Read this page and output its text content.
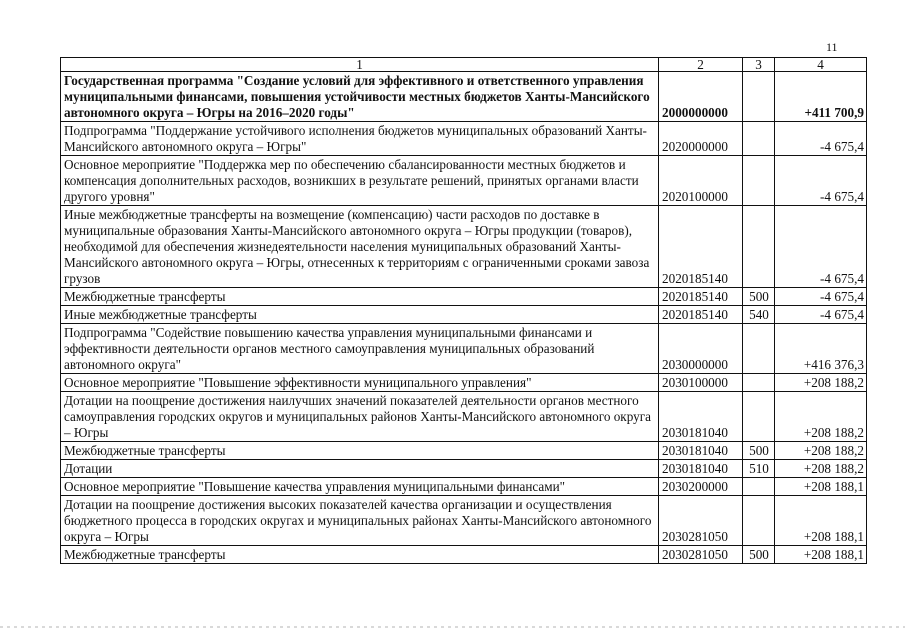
11
1	2	3	4
Государственная программа "Создание условий для эффективного и ответственного управления муниципальными финансами, повышения устойчивости местных бюджетов Ханты-Мансийского автономного округа – Югры на 2016–2020 годы"	2000000000		+411 700,9
Подпрограмма "Поддержание устойчивого исполнения бюджетов муниципальных образований Ханты-Мансийского автономного округа – Югры"	2020000000		-4 675,4
Основное мероприятие "Поддержка мер по обеспечению сбалансированности местных бюджетов и компенсация дополнительных расходов, возникших в результате решений, принятых органами власти другого уровня"	2020100000		-4 675,4
Иные межбюджетные трансферты на возмещение (компенсацию) части расходов по доставке в муниципальные образования Ханты-Мансийского автономного округа – Югры продукции (товаров), необходимой для обеспечения жизнедеятельности населения муниципальных образований Ханты-Мансийского автономного округа – Югры, отнесенных к территориям с ограниченными сроками завоза грузов	2020185140		-4 675,4
Межбюджетные трансферты	2020185140	500	-4 675,4
Иные межбюджетные трансферты	2020185140	540	-4 675,4
Подпрограмма "Содействие повышению качества управления муниципальными финансами и эффективности деятельности органов местного самоуправления муниципальных образований автономного округа"	2030000000		+416 376,3
Основное мероприятие "Повышение эффективности муниципального управления"	2030100000		+208 188,2
Дотации на поощрение достижения наилучших значений показателей деятельности органов местного самоуправления городских округов и муниципальных районов Ханты-Мансийского автономного округа – Югры	2030181040		+208 188,2
Межбюджетные трансферты	2030181040	500	+208 188,2
Дотации	2030181040	510	+208 188,2
Основное мероприятие "Повышение качества управления муниципальными финансами"	2030200000		+208 188,1
Дотации на поощрение достижения высоких показателей качества организации и осуществления бюджетного процесса в городских округах и муниципальных районах Ханты-Мансийского автономного округа – Югры	2030281050		+208 188,1
Межбюджетные трансферты	2030281050	500	+208 188,1
